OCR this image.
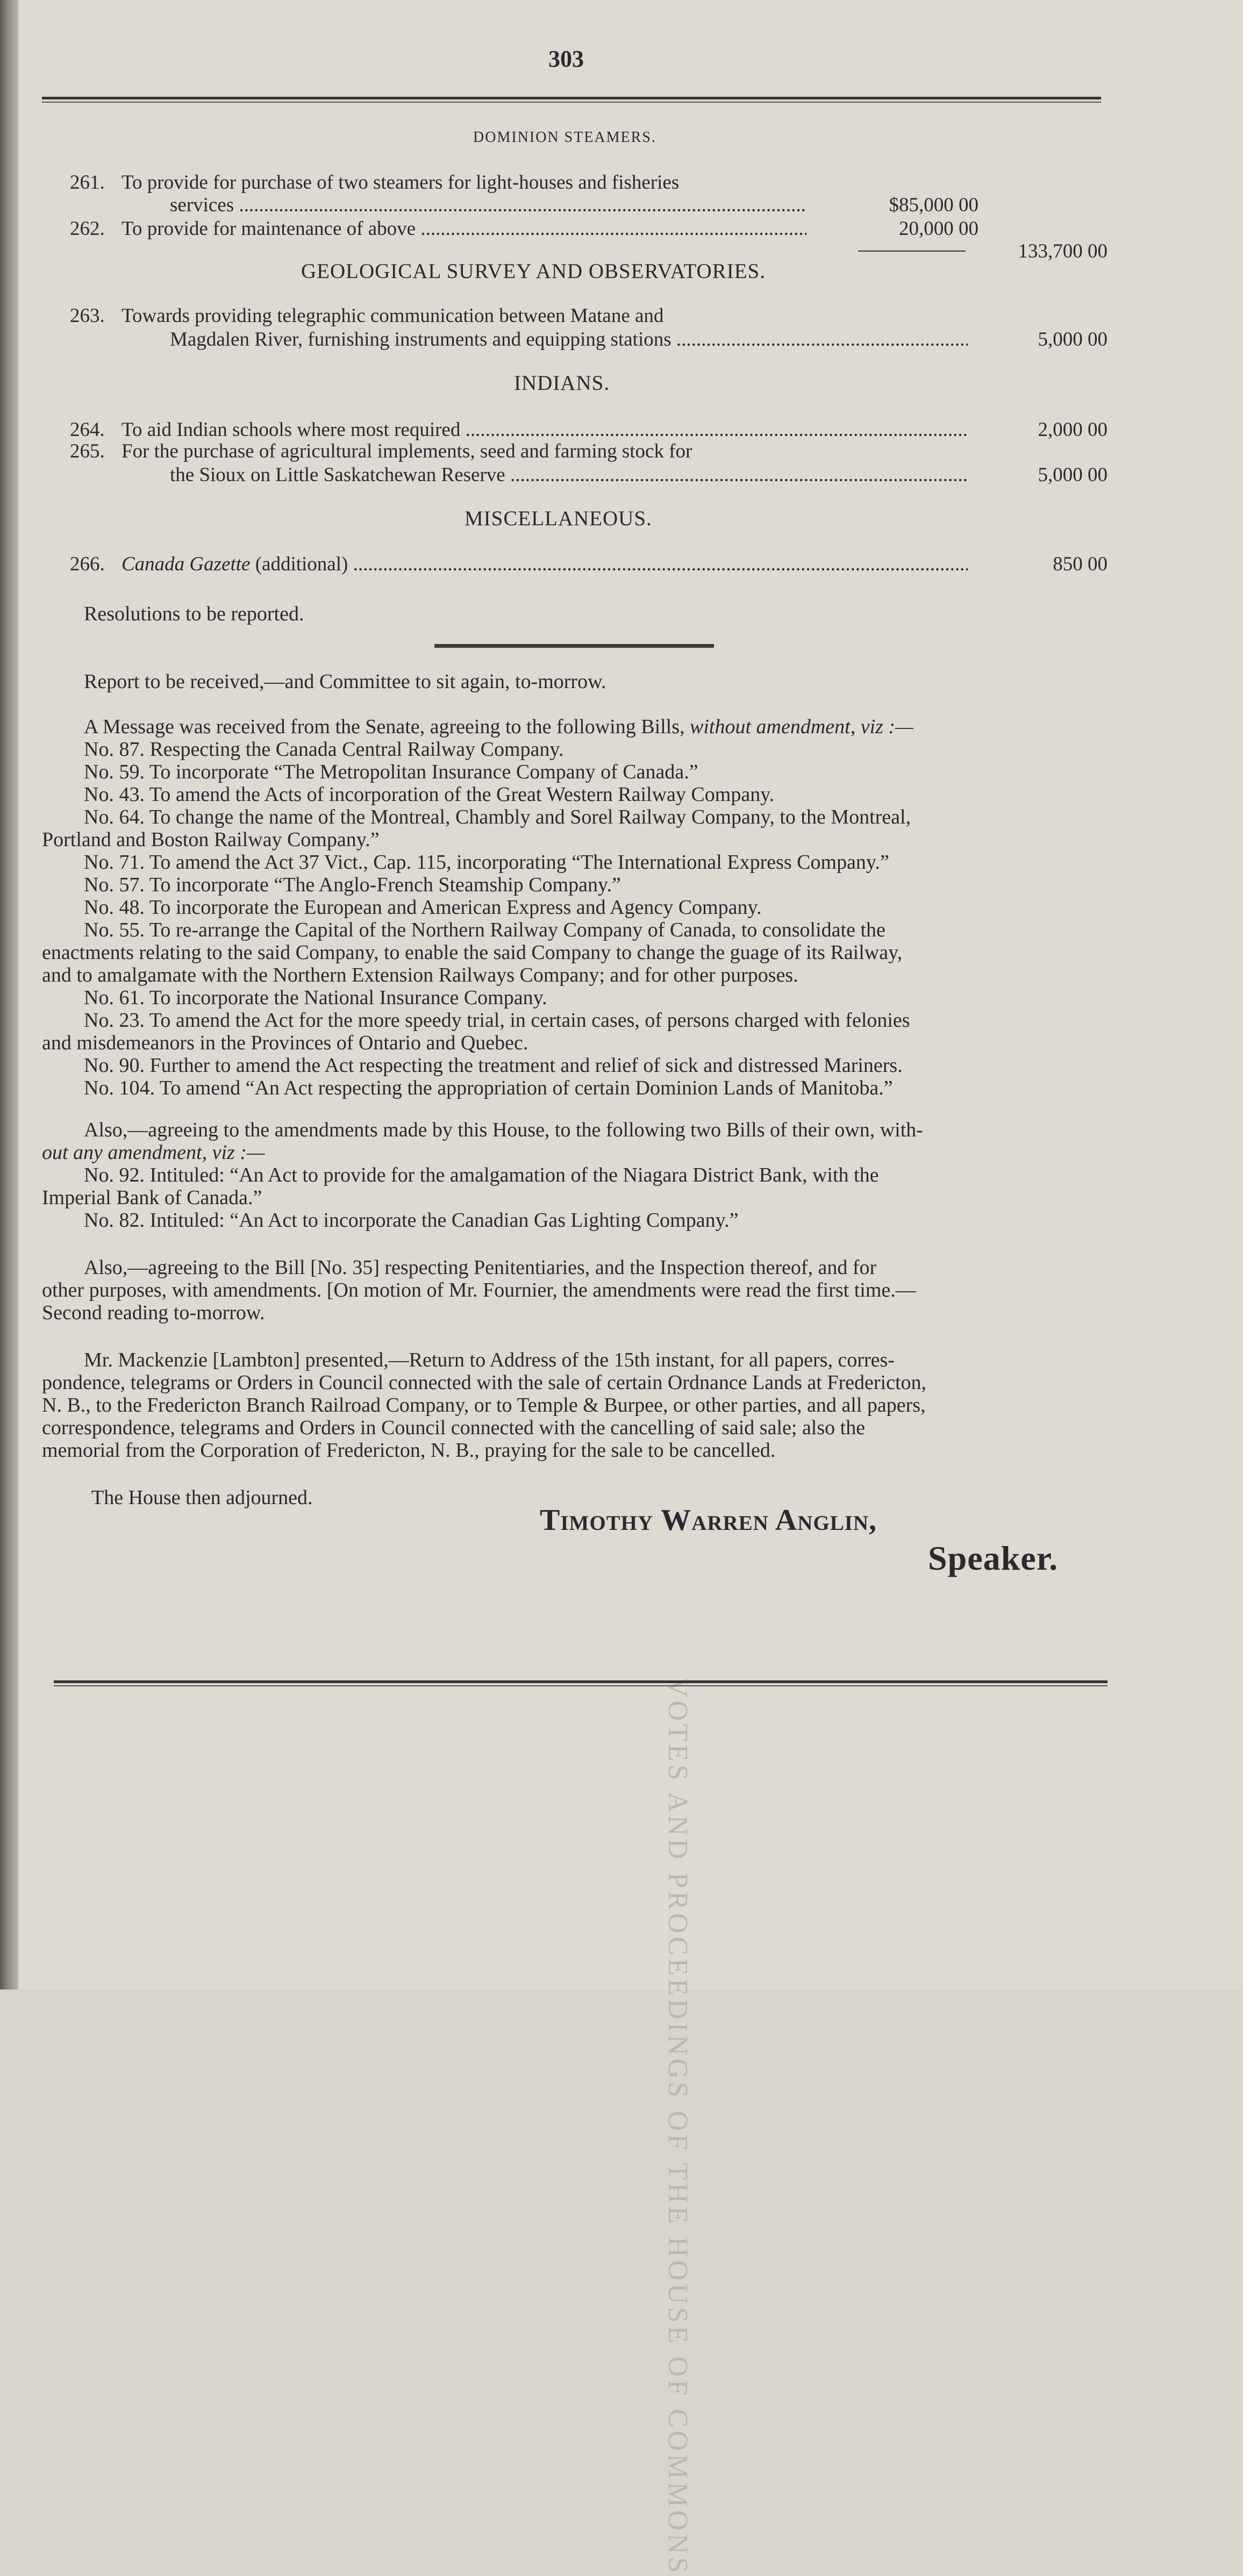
VOTES AND PROCEEDINGS OF THE HOUSE OF COMMONS
303
DOMINION STEAMERS.
261. To provide for purchase of two steamers for light-houses and fisheries
services .....	$85,000 00
262. To provide for maintenance of above .....	20,000 00
133,700 00
GEOLOGICAL SURVEY AND OBSERVATORIES.
263. Towards providing telegraphic communication between Matane and
Magdalen River, furnishing instruments and equipping stations .....	5,000 00
INDIANS.
264. To aid Indian schools where most required .....	2,000 00
265. For the purchase of agricultural implements, seed and farming stock for
the Sioux on Little Saskatchewan Reserve .....	5,000 00
MISCELLANEOUS.
266. Canada Gazette (additional) .....	850 00
Resolutions to be reported.
Report to be received,—and Committee to sit again, to-morrow.
A Message was received from the Senate, agreeing to the following Bills, without amendment, viz :—
No. 87. Respecting the Canada Central Railway Company.
No. 59. To incorporate “The Metropolitan Insurance Company of Canada.”
No. 43. To amend the Acts of incorporation of the Great Western Railway Company.
No. 64. To change the name of the Montreal, Chambly and Sorel Railway Company, to the Montreal,
Portland and Boston Railway Company.”
No. 71. To amend the Act 37 Vict., Cap. 115, incorporating “The International Express Company.”
No. 57. To incorporate “The Anglo-French Steamship Company.”
No. 48. To incorporate the European and American Express and Agency Company.
No. 55. To re-arrange the Capital of the Northern Railway Company of Canada, to consolidate the
enactments relating to the said Company, to enable the said Company to change the guage of its Railway,
and to amalgamate with the Northern Extension Railways Company; and for other purposes.
No. 61. To incorporate the National Insurance Company.
No. 23. To amend the Act for the more speedy trial, in certain cases, of persons charged with felonies
and misdemeanors in the Provinces of Ontario and Quebec.
No. 90. Further to amend the Act respecting the treatment and relief of sick and distressed Mariners.
No. 104. To amend “An Act respecting the appropriation of certain Dominion Lands of Manitoba.”
Also,—agreeing to the amendments made by this House, to the following two Bills of their own, with-
out any amendment, viz :—
No. 92. Intituled: “An Act to provide for the amalgamation of the Niagara District Bank, with the
Imperial Bank of Canada.”
No. 82. Intituled: “An Act to incorporate the Canadian Gas Lighting Company.”
Also,—agreeing to the Bill [No. 35] respecting Penitentiaries, and the Inspection thereof, and for
other purposes, with amendments. [On motion of Mr. Fournier, the amendments were read the first time.—
Second reading to-morrow.
Mr. Mackenzie [Lambton] presented,—Return to Address of the 15th instant, for all papers, corres-
pondence, telegrams or Orders in Council connected with the sale of certain Ordnance Lands at Fredericton,
N. B., to the Fredericton Branch Railroad Company, or to Temple & Burpee, or other parties, and all papers,
correspondence, telegrams and Orders in Council connected with the cancelling of said sale; also the
memorial from the Corporation of Fredericton, N. B., praying for the sale to be cancelled.
The House then adjourned.
Timothy Warren Anglin,
Speaker.
